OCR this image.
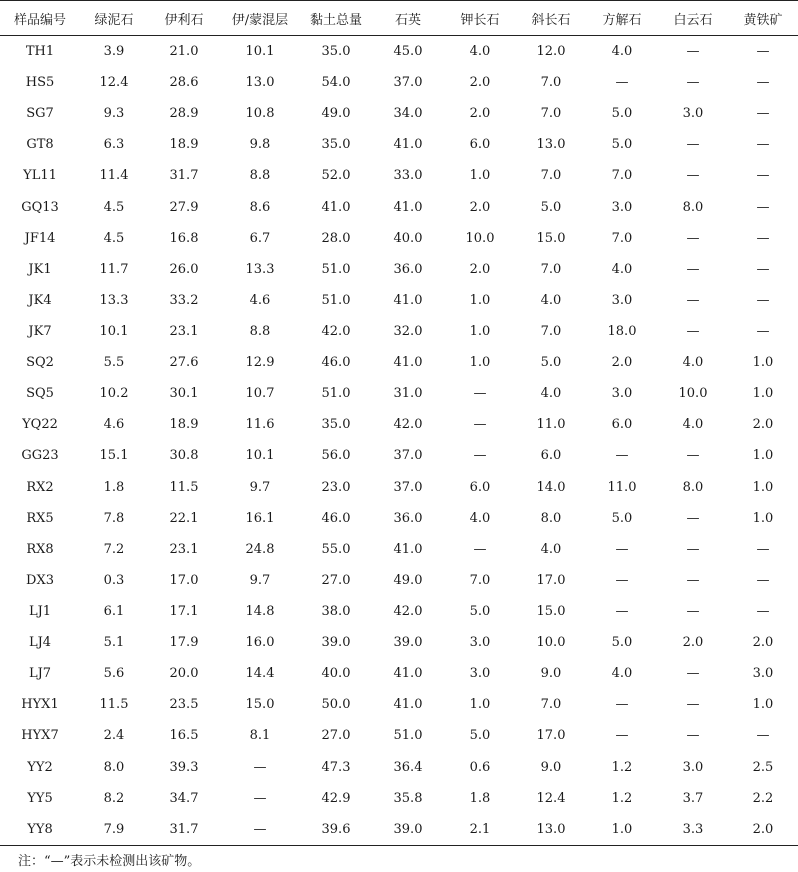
样品编号	绿泥石	伊利石	伊/蒙混层	黏土总量	石英	钾长石	斜长石	方解石	白云石	黄铁矿
TH1	3.9	21.0	10.1	35.0	45.0	4.0	12.0	4.0	—	—
HS5	12.4	28.6	13.0	54.0	37.0	2.0	7.0	—	—	—
SG7	9.3	28.9	10.8	49.0	34.0	2.0	7.0	5.0	3.0	—
GT8	6.3	18.9	9.8	35.0	41.0	6.0	13.0	5.0	—	—
YL11	11.4	31.7	8.8	52.0	33.0	1.0	7.0	7.0	—	—
GQ13	4.5	27.9	8.6	41.0	41.0	2.0	5.0	3.0	8.0	—
JF14	4.5	16.8	6.7	28.0	40.0	10.0	15.0	7.0	—	—
JK1	11.7	26.0	13.3	51.0	36.0	2.0	7.0	4.0	—	—
JK4	13.3	33.2	4.6	51.0	41.0	1.0	4.0	3.0	—	—
JK7	10.1	23.1	8.8	42.0	32.0	1.0	7.0	18.0	—	—
SQ2	5.5	27.6	12.9	46.0	41.0	1.0	5.0	2.0	4.0	1.0
SQ5	10.2	30.1	10.7	51.0	31.0	—	4.0	3.0	10.0	1.0
YQ22	4.6	18.9	11.6	35.0	42.0	—	11.0	6.0	4.0	2.0
GG23	15.1	30.8	10.1	56.0	37.0	—	6.0	—	—	1.0
RX2	1.8	11.5	9.7	23.0	37.0	6.0	14.0	11.0	8.0	1.0
RX5	7.8	22.1	16.1	46.0	36.0	4.0	8.0	5.0	—	1.0
RX8	7.2	23.1	24.8	55.0	41.0	—	4.0	—	—	—
DX3	0.3	17.0	9.7	27.0	49.0	7.0	17.0	—	—	—
LJ1	6.1	17.1	14.8	38.0	42.0	5.0	15.0	—	—	—
LJ4	5.1	17.9	16.0	39.0	39.0	3.0	10.0	5.0	2.0	2.0
LJ7	5.6	20.0	14.4	40.0	41.0	3.0	9.0	4.0	—	3.0
HYX1	11.5	23.5	15.0	50.0	41.0	1.0	7.0	—	—	1.0
HYX7	2.4	16.5	8.1	27.0	51.0	5.0	17.0	—	—	—
YY2	8.0	39.3	—	47.3	36.4	0.6	9.0	1.2	3.0	2.5
YY5	8.2	34.7	—	42.9	35.8	1.8	12.4	1.2	3.7	2.2
YY8	7.9	31.7	—	39.6	39.0	2.1	13.0	1.0	3.3	2.0
注：“—”表示未检测出该矿物。
